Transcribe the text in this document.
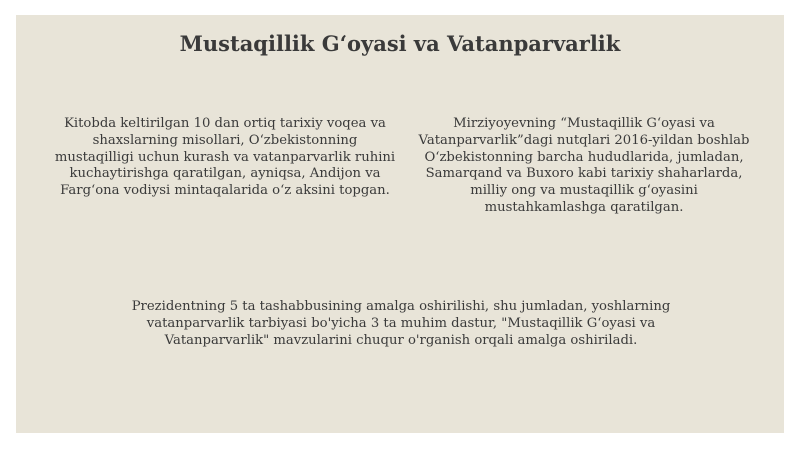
Mustaqillik G‘oyasi va Vatanparvarlik

Kitobda keltirilgan 10 dan ortiq tarixiy voqea va shaxslarning misollari, O‘zbekistonning mustaqilligi uchun kurash va vatanparvarlik ruhini kuchaytirishga qaratilgan, ayniqsa, Andijon va Farg‘ona vodiysi mintaqalarida o‘z aksini topgan.

Mirziyoyevning “Mustaqillik G‘oyasi va Vatanparvarlik”dagi nutqlari 2016-yildan boshlab O‘zbekistonning barcha hududlarida, jumladan, Samarqand va Buxoro kabi tarixiy shaharlarda, milliy ong va mustaqillik g‘oyasini mustahkamlashga qaratilgan.

Prezidentning 5 ta tashabbusining amalga oshirilishi, shu jumladan, yoshlarning vatanparvarlik tarbiyasi bo'yicha 3 ta muhim dastur, "Mustaqillik G‘oyasi va Vatanparvarlik" mavzularini chuqur o'rganish orqali amalga oshiriladi.
